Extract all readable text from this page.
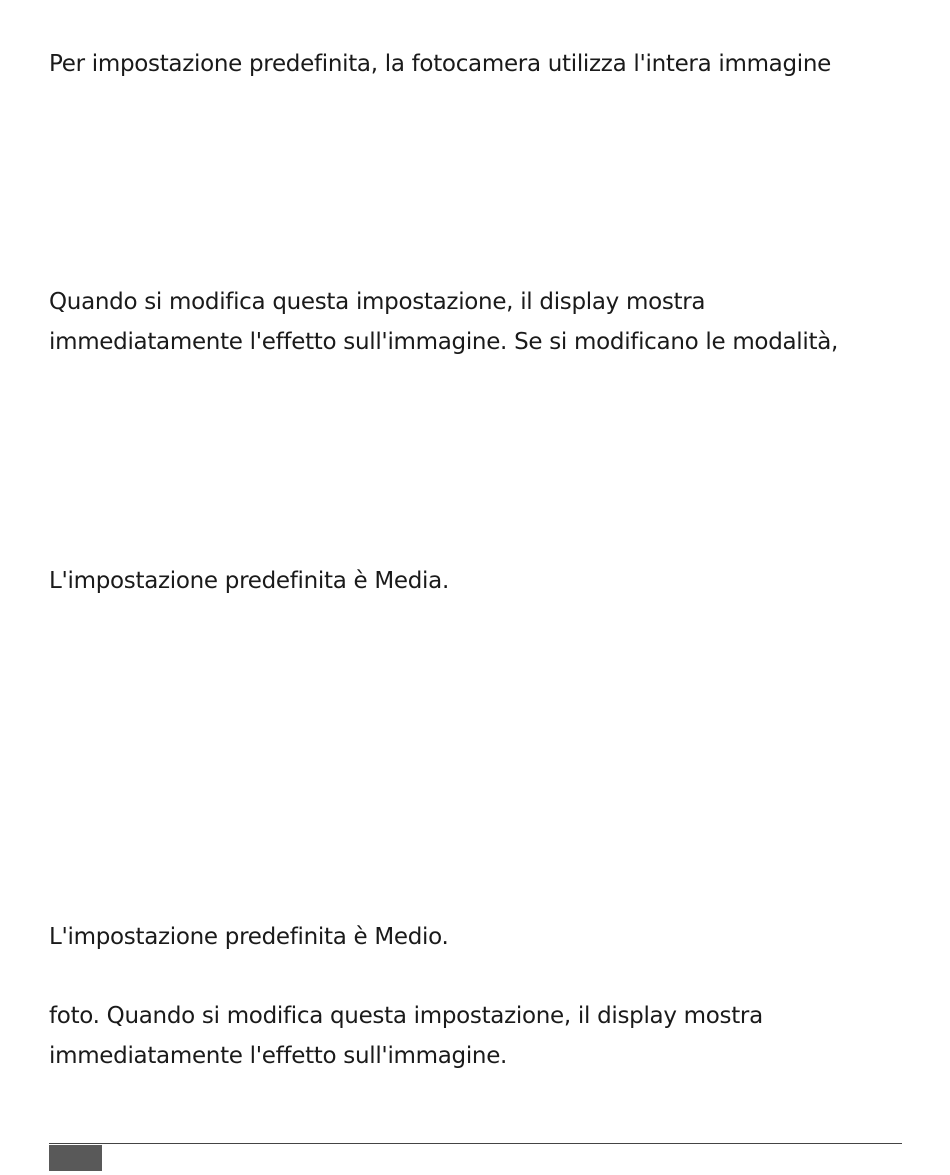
Per impostazione predefinita, la fotocamera utilizza l'intera immagine

Quando si modifica questa impostazione, il display mostra
immediatamente l'effetto sull'immagine. Se si modificano le modalità,

L'impostazione predefinita è Media.

L'impostazione predefinita è Medio.

foto. Quando si modifica questa impostazione, il display mostra
immediatamente l'effetto sull'immagine.
